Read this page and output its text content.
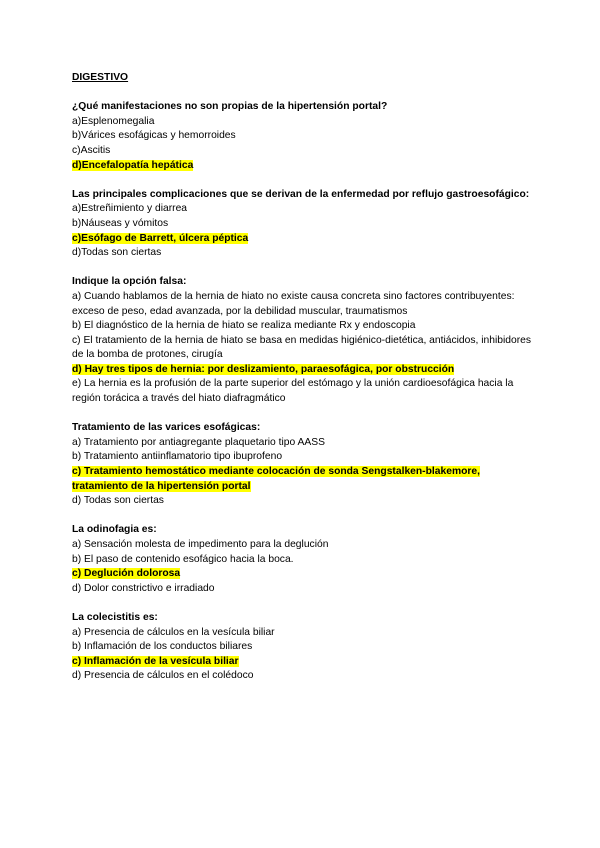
DIGESTIVO
¿Qué manifestaciones no son propias de la hipertensión portal?
a)Esplenomegalia
b)Várices esofágicas y hemorroides
c)Ascitis
d)Encefalopatía hepática
Las principales complicaciones que se derivan de la enfermedad por reflujo gastroesofágico:
a)Estreñimiento y diarrea
b)Náuseas y vómitos
c)Esófago de Barrett, úlcera péptica
d)Todas son ciertas
Indique la opción falsa:
a) Cuando hablamos de la hernia de hiato no existe causa concreta sino factores contribuyentes: exceso de peso, edad avanzada, por la debilidad muscular, traumatismos
b) El diagnóstico de la hernia de hiato se realiza mediante Rx y endoscopia
c) El tratamiento de la hernia de hiato se basa en medidas higiénico-dietética, antiácidos, inhibidores de la bomba de protones, cirugía
d) Hay tres tipos de hernia: por deslizamiento, paraesofágica, por obstrucción
e) La hernia es la profusión de la parte superior del estómago y la unión cardioesofágica hacia la región torácica a través del hiato diafragmático
Tratamiento de las varices esofágicas:
a) Tratamiento por antiagregante plaquetario tipo AASS
b) Tratamiento antiinflamatorio tipo ibuprofeno
c) Tratamiento hemostático mediante colocación de sonda Sengstalken-blakemore, tratamiento de la hipertensión portal
d) Todas son ciertas
La odinofagia es:
a) Sensación molesta de impedimento para la deglución
b) El paso de contenido esofágico hacia la boca.
c) Deglución dolorosa
d) Dolor constrictivo e irradiado
La colecistitis es:
a) Presencia de cálculos en la vesícula biliar
b) Inflamación de los conductos biliares
c) Inflamación de la vesícula biliar
d) Presencia de cálculos en el colédoco
